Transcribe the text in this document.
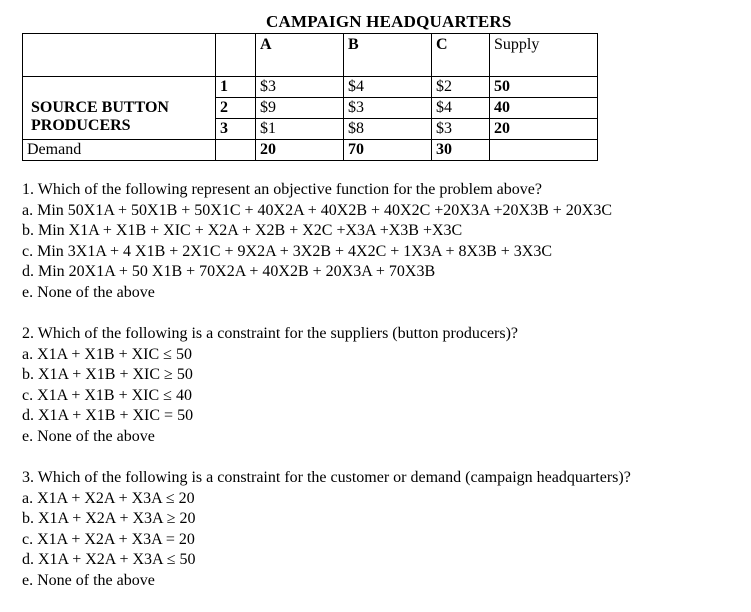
CAMPAIGN HEADQUARTERS
		A	B	C	Supply

SOURCE BUTTON
PRODUCERS	1	$3	$4	$2	50
	2	$9	$3	$4	40
	3	$1	$8	$3	20
Demand		20	70	30	

1. Which of the following represent an objective function for the problem above?

a. Min 50X1A + 50X1B + 50X1C + 40X2A + 40X2B + 40X2C +20X3A +20X3B + 20X3C

b. Min X1A + X1B + XIC + X2A + X2B + X2C +X3A +X3B +X3C

c. Min 3X1A + 4 X1B + 2X1C + 9X2A + 3X2B + 4X2C + 1X3A + 8X3B + 3X3C

d. Min 20X1A + 50 X1B + 70X2A + 40X2B + 20X3A + 70X3B

e. None of the above

2. Which of the following is a constraint for the suppliers (button producers)?

a. X1A + X1B + XIC ≤ 50

b. X1A + X1B + XIC ≥ 50

c. X1A + X1B + XIC ≤ 40

d. X1A + X1B + XIC = 50

e. None of the above

3. Which of the following is a constraint for the customer or demand (campaign headquarters)?

a. X1A + X2A + X3A ≤ 20

b. X1A + X2A + X3A ≥ 20

c. X1A + X2A + X3A = 20

d. X1A + X2A + X3A ≤ 50

e. None of the above
